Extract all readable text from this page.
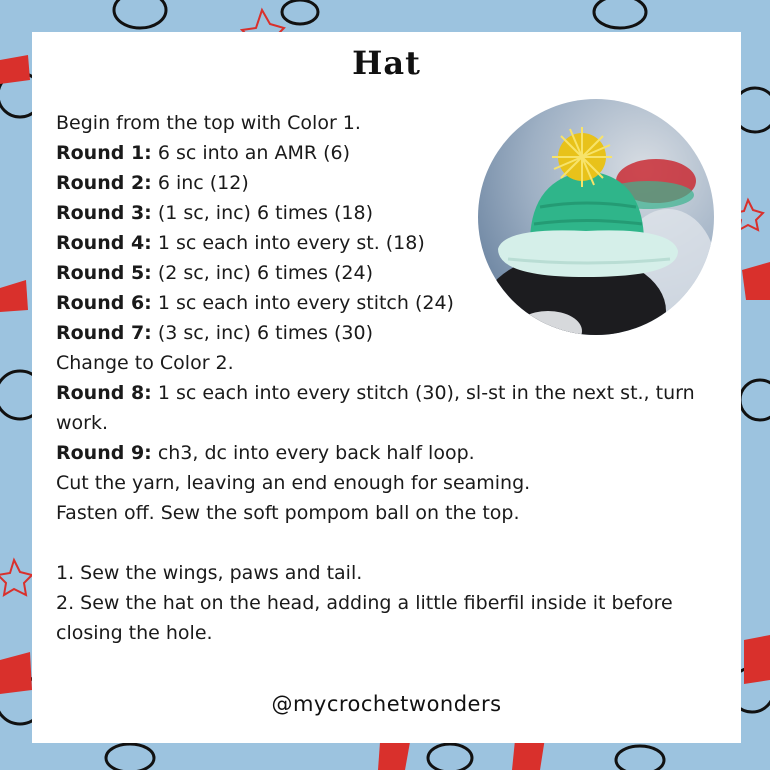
Hat
Begin from the top with Color 1.
Round 1: 6 sc into an AMR (6)
Round 2: 6 inc (12)
Round 3: (1 sc, inc) 6 times (18)
Round 4: 1 sc each into every st. (18)
Round 5: (2 sc, inc) 6 times (24)
Round 6: 1 sc each into every stitch (24)
Round 7: (3 sc, inc) 6 times (30)
Change to Color 2.
Round 8: 1 sc each into every stitch (30), sl-st in the next st., turn work.
Round 9: ch3, dc into every back half loop.
Cut the yarn, leaving an end enough for seaming.
Fasten off. Sew the soft pompom ball on the top.
1. Sew the wings, paws and tail.
2. Sew the hat on the head, adding a little fiberfil inside it before closing the hole.
@mycrochetwonders
